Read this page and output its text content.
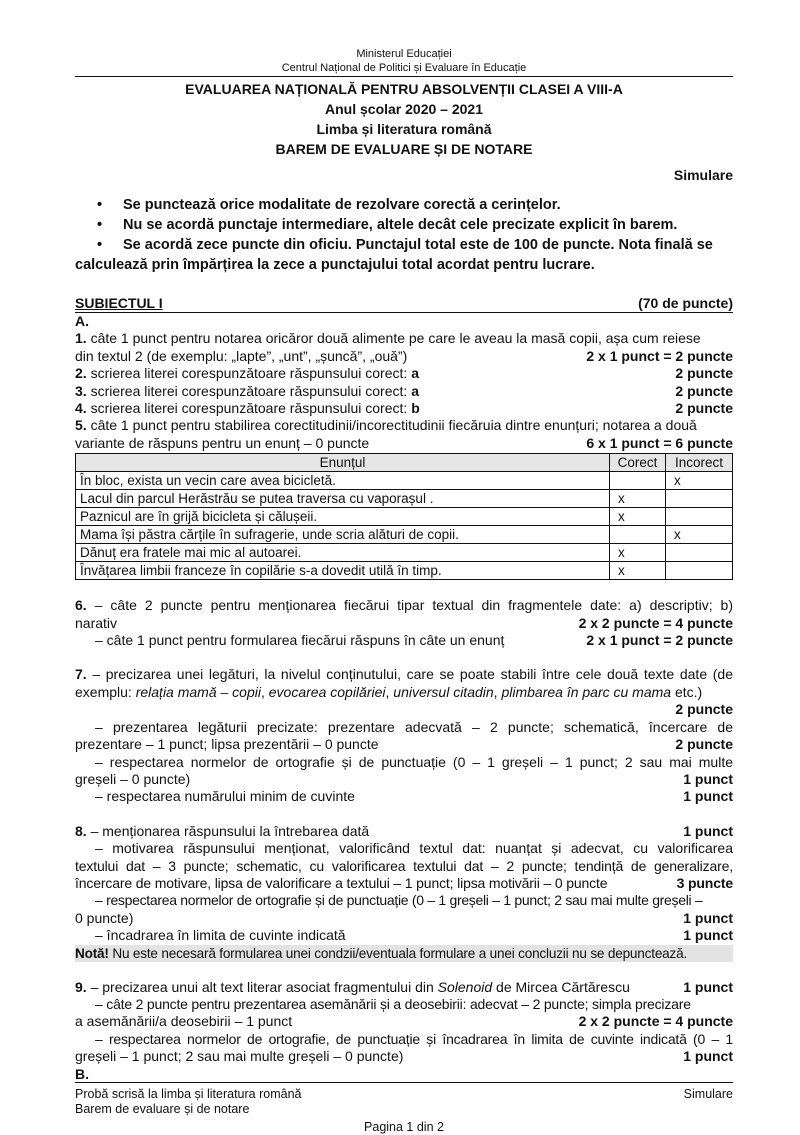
Ministerul Educației
Centrul Național de Politici și Evaluare în Educație
EVALUAREA NAȚIONALĂ PENTRU ABSOLVENȚII CLASEI A VIII-A
Anul școlar 2020 – 2021
Limba și literatura română
BAREM DE EVALUARE ȘI DE NOTARE
Simulare
• Se punctează orice modalitate de rezolvare corectă a cerințelor.
• Nu se acordă punctaje intermediare, altele decât cele precizate explicit în barem.
• Se acordă zece puncte din oficiu. Punctajul total este de 100 de puncte. Nota finală se calculează prin împărțirea la zece a punctajului total acordat pentru lucrare.
SUBIECTUL I	(70 de puncte)
A.
1. câte 1 punct pentru notarea oricăror două alimente pe care le aveau la masă copii, așa cum reiese
din textul 2 (de exemplu: „lapte”, „unt”, „șuncă”, „ouă”)	2 x 1 punct = 2 puncte
2. scrierea literei corespunzătoare răspunsului corect: a	2 puncte
3. scrierea literei corespunzătoare răspunsului corect: a	2 puncte
4. scrierea literei corespunzătoare răspunsului corect: b	2 puncte
5. câte 1 punct pentru stabilirea corectitudinii/incorectitudinii fiecăruia dintre enunțuri; notarea a două
variante de răspuns pentru un enunț – 0 puncte	6 x 1 punct = 6 puncte
Enunțul	Corect	Incorect
În bloc, exista un vecin care avea bicicletă.		x
Lacul din parcul Herăstrău se putea traversa cu vaporașul .	x	
Paznicul are în grijă bicicleta și călușeii.	x	
Mama își păstra cărțile în sufragerie, unde scria alături de copii.		x
Dănuț era fratele mai mic al autoarei.	x	
Învățarea limbii franceze în copilărie s-a dovedit utilă în timp.	x	
6. – câte 2 puncte pentru menționarea fiecărui tipar textual din fragmentele date: a) descriptiv; b)
narativ	2 x 2 puncte = 4 puncte
– câte 1 punct pentru formularea fiecărui răspuns în câte un enunț	2 x 1 punct = 2 puncte
7. – precizarea unei legături, la nivelul conținutului, care se poate stabili între cele două texte date (de exemplu: relația mamă – copii, evocarea copilăriei, universul citadin, plimbarea în parc cu mama etc.)
2 puncte
– prezentarea legăturii precizate: prezentare adecvată – 2 puncte; schematică, încercare de
prezentare – 1 punct; lipsa prezentării – 0 puncte	2 puncte
– respectarea normelor de ortografie și de punctuație (0 – 1 greșeli – 1 punct; 2 sau mai multe
greșeli – 0 puncte)	1 punct
– respectarea numărului minim de cuvinte	1 punct
8. – menționarea răspunsului la întrebarea dată	1 punct
– motivarea răspunsului menționat, valorificând textul dat: nuanțat și adecvat, cu valorificarea
textului dat – 3 puncte; schematic, cu valorificarea textului dat – 2 puncte; tendință de generalizare,
încercare de motivare, lipsa de valorificare a textului – 1 punct; lipsa motivării – 0 puncte	3 puncte
– respectarea normelor de ortografie și de punctuație (0 – 1 greșeli – 1 punct; 2 sau mai multe greșeli –
0 puncte)	1 punct
– încadrarea în limita de cuvinte indicată	1 punct
Notă! Nu este necesară formularea unei condzii/eventuala formulare a unei concluzii nu se depunctează.
9. – precizarea unui alt text literar asociat fragmentului din Solenoid de Mircea Cărtărescu	1 punct
– câte 2 puncte pentru prezentarea asemănării și a deosebirii: adecvat – 2 puncte; simpla precizare
a asemănării/a deosebirii – 1 punct	2 x 2 puncte = 4 puncte
– respectarea normelor de ortografie, de punctuație și încadrarea în limita de cuvinte indicată (0 – 1
greșeli – 1 punct; 2 sau mai multe greșeli – 0 puncte)	1 punct
B.
Probă scrisă la limba și literatura română	Simulare
Barem de evaluare și de notare
Pagina 1 din 2
